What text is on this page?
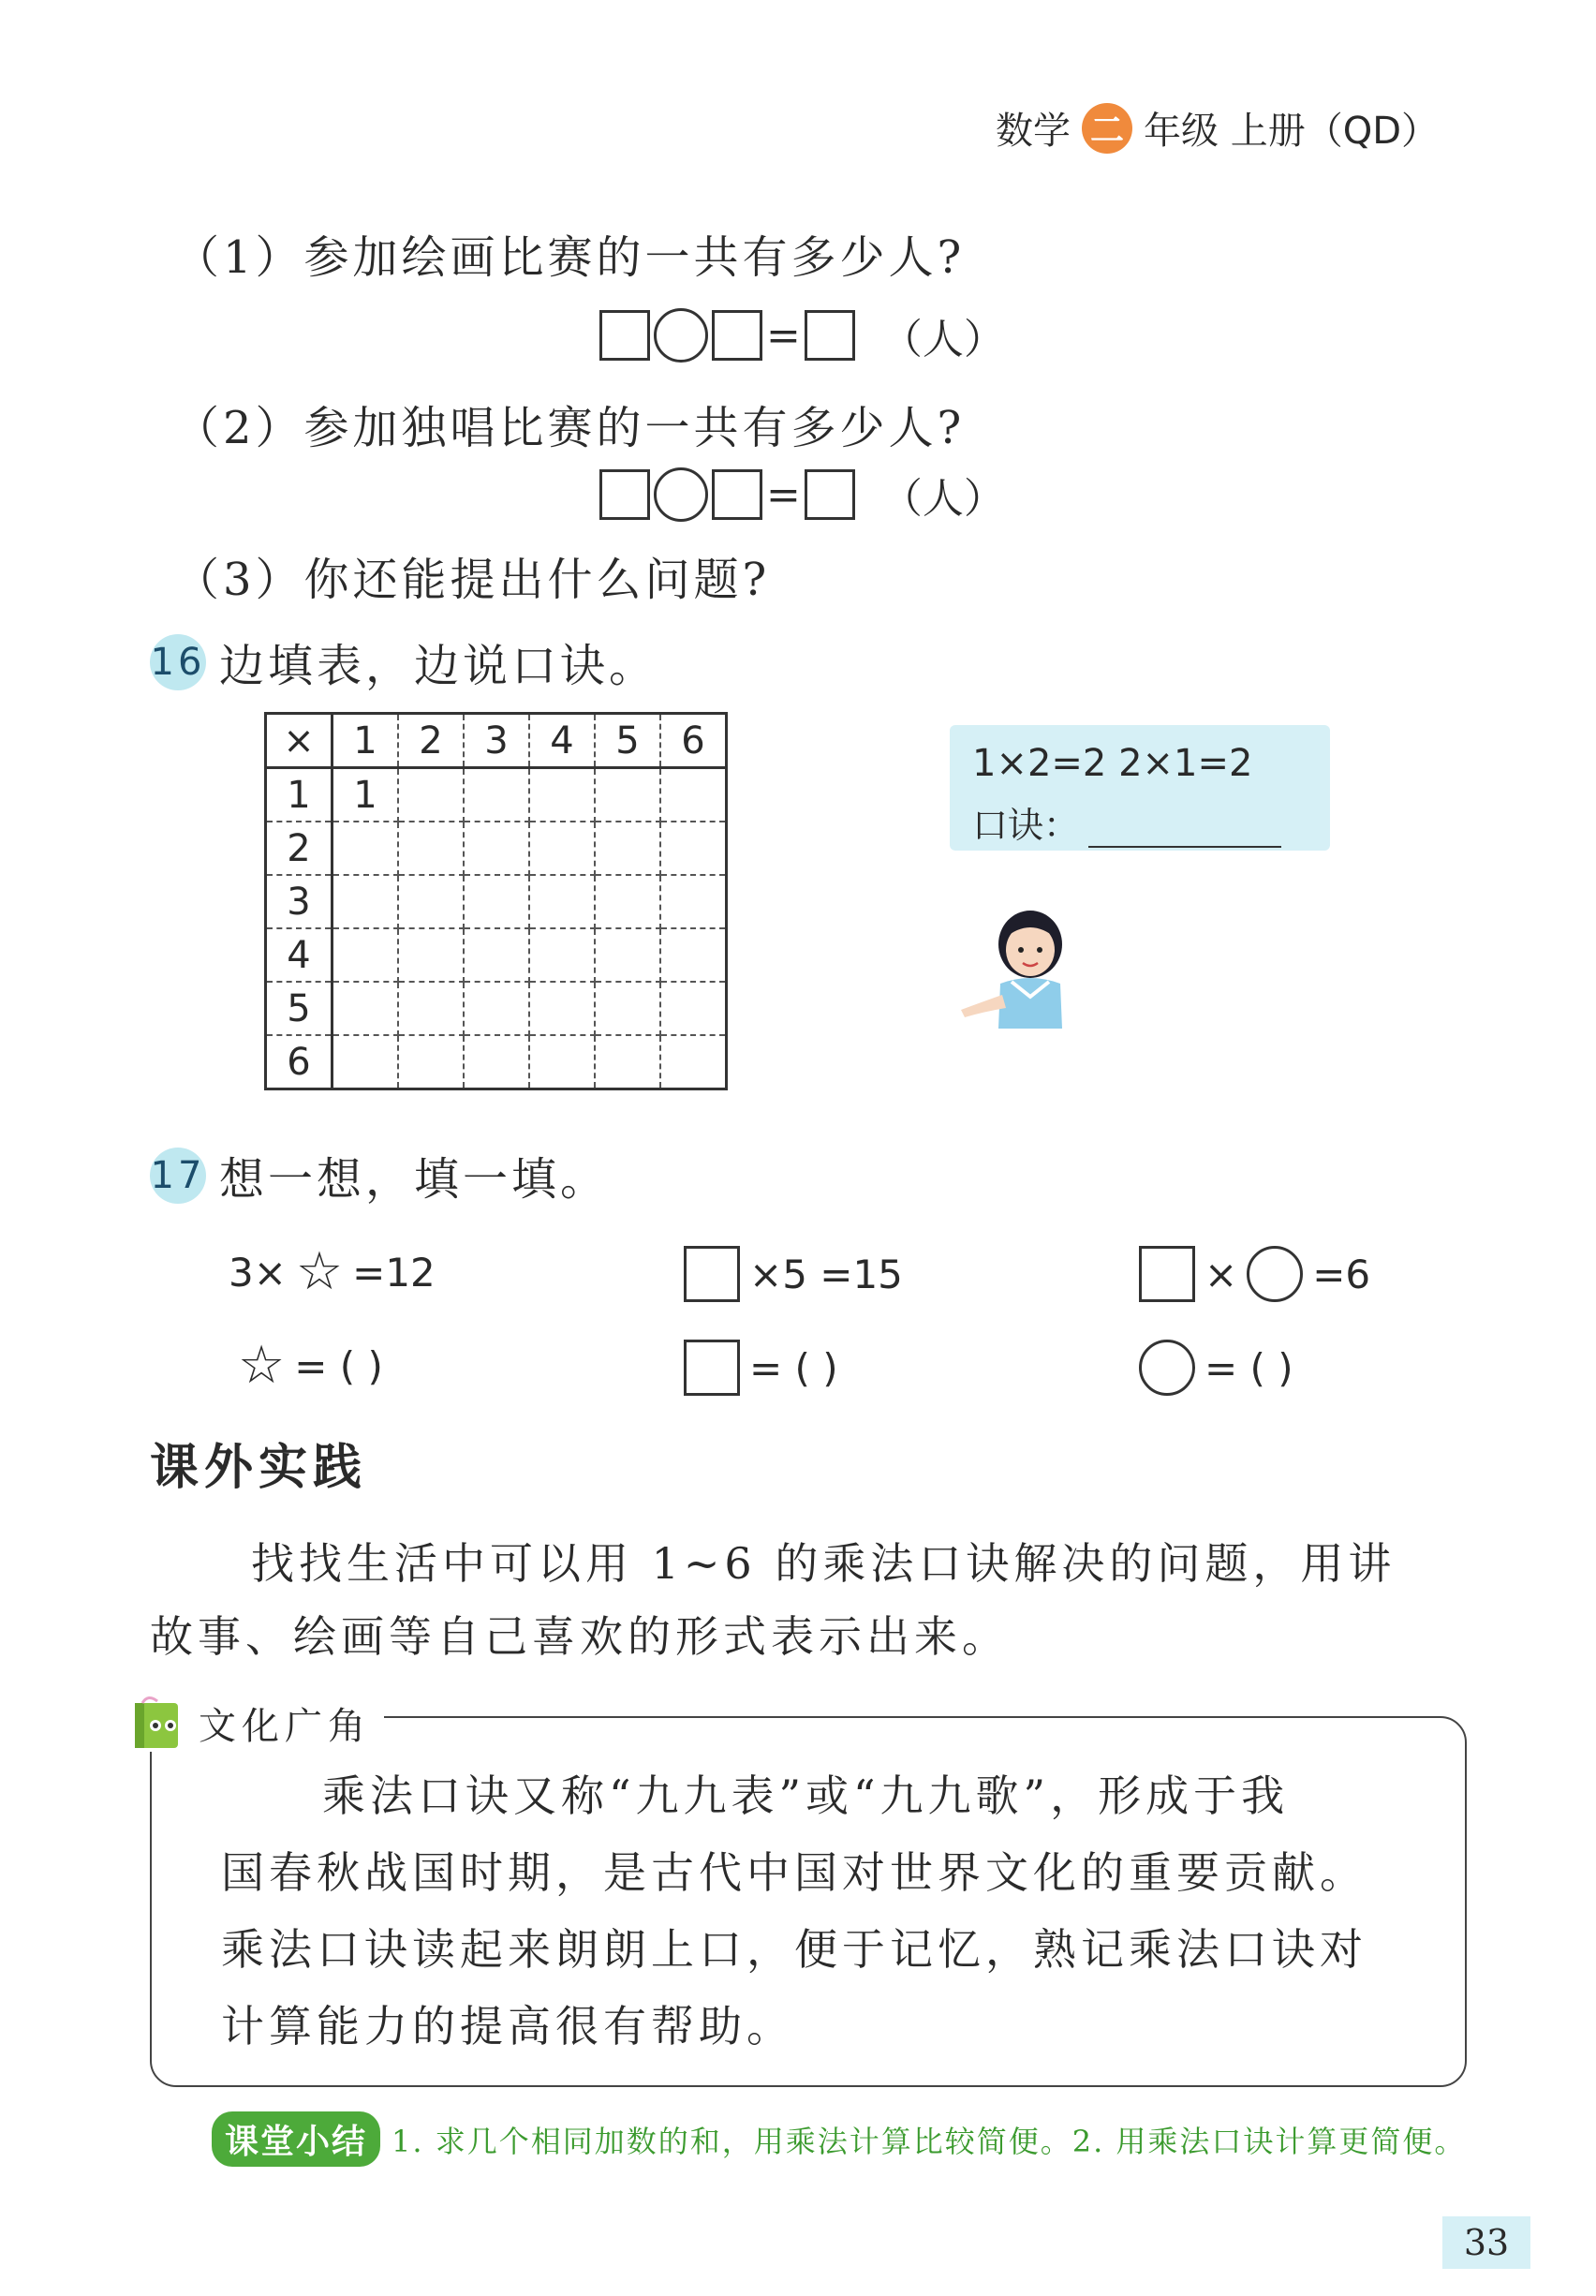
数学 二 年级 上册（QD）
（1）参加绘画比赛的一共有多少人?
= （人）
（2）参加独唱比赛的一共有多少人?
= （人）
（3）你还能提出什么问题?
16 边填表，边说口诀。
×	1	2	3	4	5	6
1	1					
2						
3						
4						
5						
6						
1×2=2 2×1=2
口诀：
17 想一想，填一填。
3× ☆ =12
☆ = ( )
×5 =15
= ( )
× =6
= ( )
课外实践
找找生活中可以用 1~6 的乘法口诀解决的问题，用讲
故事、绘画等自己喜欢的形式表示出来。
文化广角
乘法口诀又称“九九表”或“九九歌”，形成于我
国春秋战国时期，是古代中国对世界文化的重要贡献。
乘法口诀读起来朗朗上口，便于记忆，熟记乘法口诀对
计算能力的提高很有帮助。
课堂小结 1. 求几个相同加数的和，用乘法计算比较简便。2. 用乘法口诀计算更简便。
33
